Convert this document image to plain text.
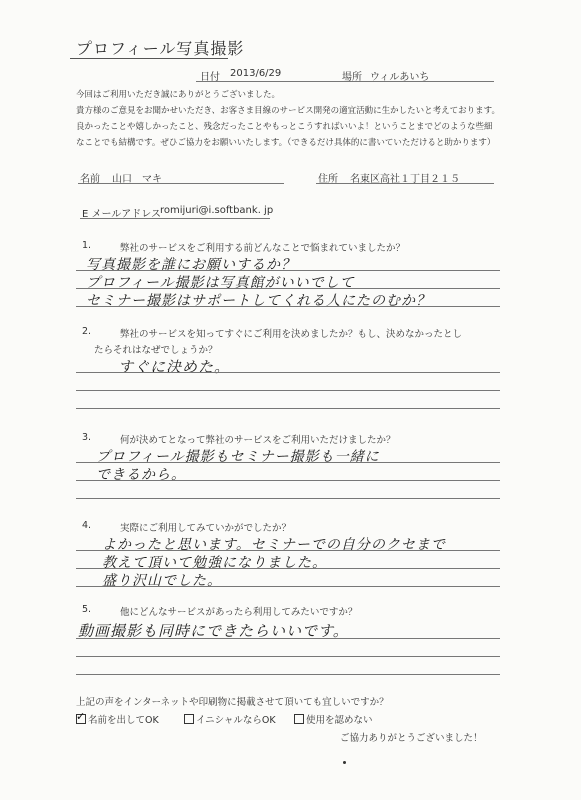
プロフィール写真撮影
日付 2013/6/29	場所 ウィルあいち
今回はご利用いただき誠にありがとうございました。
貴方様のご意見をお聞かせいただき、お客さま目線のサービス開発の適宜活動に生かしたいと考えております。
良かったことや嬉しかったこと、残念だったことやもっとこうすればいいよ！ということまでどのような些細
なことでも結構です。ぜひご協力をお願いいたします。（できるだけ具体的に書いていただけると助かります）
名前 山口　マキ	住所 名東区高社１丁目２１５
E メールアドレス romijuri@i.softbank. jp
1.	弊社のサービスをご利用する前どんなことで悩まれていましたか？
写真撮影を誰にお願いするか？
プロフィール撮影は写真館がいいでして
セミナー撮影はサポートしてくれる人にたのむか？
2.	弊社のサービスを知ってすぐにご利用を決めましたか？もし、決めなかったとし
たらそれはなぜでしょうか？
すぐに決めた。
3.	何が決めてとなって弊社のサービスをご利用いただけましたか？
プロフィール撮影もセミナー撮影も一緒に
できるから。
4.	実際にご利用してみていかがでしたか？
よかったと思います。セミナーでの自分のクセまで
教えて頂いて勉強になりました。
盛り沢山でした。
5.	他にどんなサービスがあったら利用してみたいですか？
動画撮影も同時にできたらいいです。
上記の声をインターネットや印刷物に掲載させて頂いても宜しいですか？
✓名前を出してOK	イニシャルならOK	使用を認めない
ご協力ありがとうございました！
